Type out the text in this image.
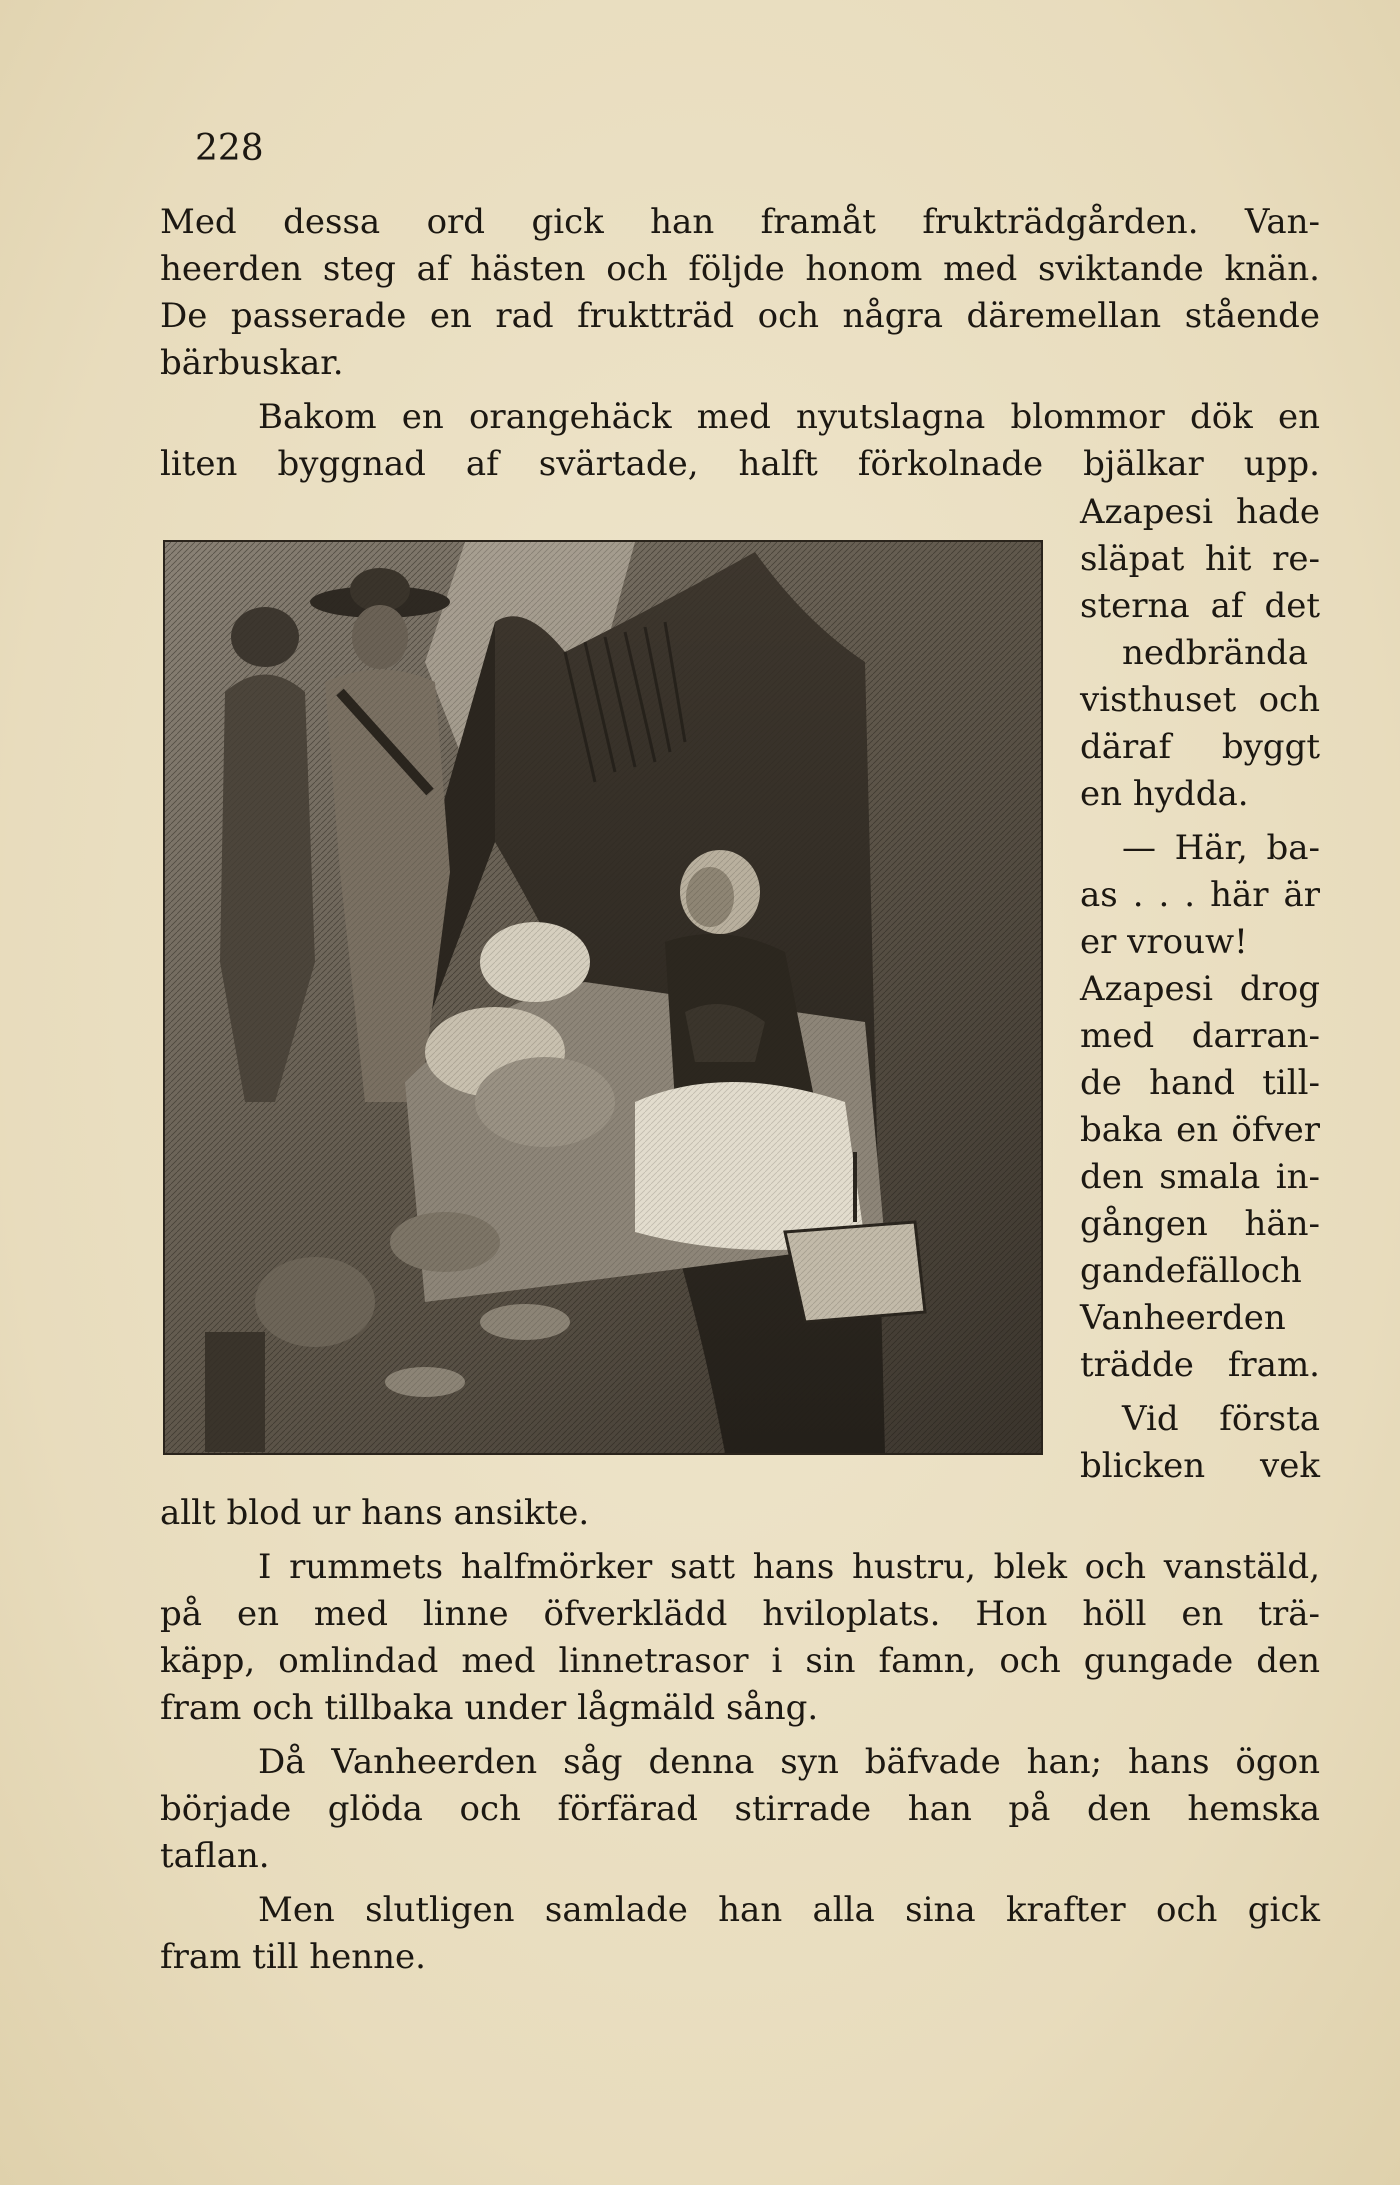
228
Med dessa ord gick han framåt frukträdgården. Van-
heerden steg af hästen och följde honom med sviktande knän.
De passerade en rad fruktträd och några däremellan stående
bärbuskar.
Bakom en orangehäck med nyutslagna blommor dök en
liten byggnad af svärtade, halft förkolnade bjälkar upp.
Azapesi hade
släpat hit re-
sterna af det
nedbrända
visthuset och
däraf byggt
en hydda.
— Här, ba-
as . . . här är
er vrouw!
Azapesi drog
med darran-
de hand till-
baka en öfver
den smala in-
gången hän-
gandefälloch
Vanheerden
trädde fram.
Vid första
blicken vek
allt blod ur hans ansikte.
I rummets halfmörker satt hans hustru, blek och vanstäld,
på en med linne öfverklädd hviloplats. Hon höll en trä-
käpp, omlindad med linnetrasor i sin famn, och gungade den
fram och tillbaka under lågmäld sång.
Då Vanheerden såg denna syn bäfvade han; hans ögon
började glöda och förfärad stirrade han på den hemska
taflan.
Men slutligen samlade han alla sina krafter och gick
fram till henne.
